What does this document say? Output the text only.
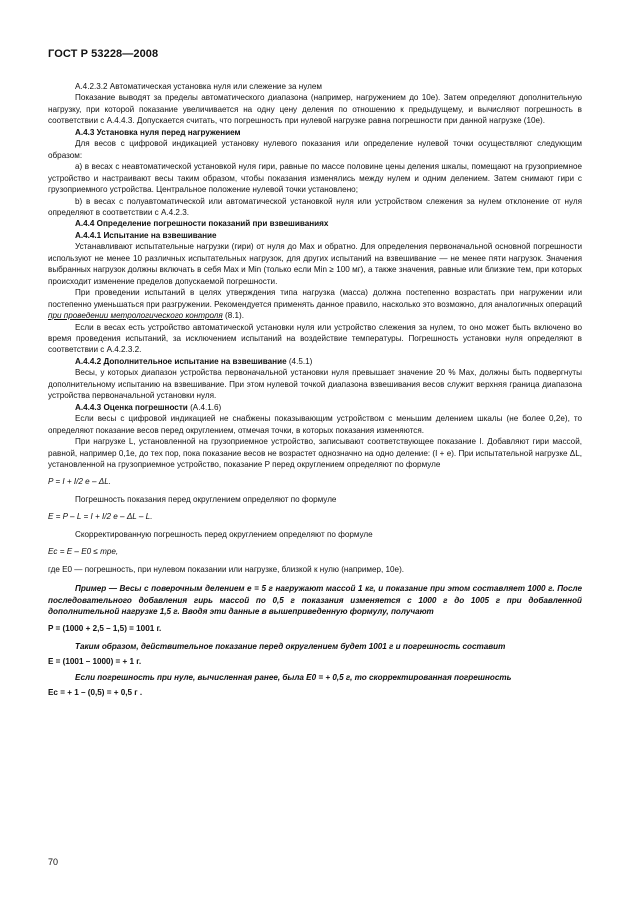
ГОСТ Р 53228—2008

А.4.2.3.2 Автоматическая установка нуля или слежение за нулем

Показание выводят за пределы автоматического диапазона (например, нагружением до 10e). Затем определяют дополнительную нагрузку, при которой показание увеличивается на одну цену деления по отношению к предыдущему, и вычисляют погрешность в соответствии с А.4.4.3. Допускается считать, что погрешность при нулевой нагрузке равна погрешности при данной нагрузке (10e).

А.4.3 Установка нуля перед нагружением

Для весов с цифровой индикацией установку нулевого показания или определение нулевой точки осуществляют следующим образом:

а) в весах с неавтоматической установкой нуля гири, равные по массе половине цены деления шкалы, помещают на грузоприемное устройство и настраивают весы таким образом, чтобы показания изменялись между нулем и одним делением. Затем снимают гири с грузоприемного устройства. Центральное положение нулевой точки установлено;

b) в весах с полуавтоматической или автоматической установкой нуля или устройством слежения за нулем отклонение от нуля определяют в соответствии с А.4.2.3.

А.4.4 Определение погрешности показаний при взвешиваниях

А.4.4.1 Испытание на взвешивание

Устанавливают испытательные нагрузки (гири) от нуля до Max и обратно. Для определения первоначальной основной погрешности используют не менее 10 различных испытательных нагрузок, для других испытаний на взвешивание — не менее пяти нагрузок. Значения выбранных нагрузок должны включать в себя Max и Min (только если Min ≥ 100 мг), а также значения, равные или близкие тем, при которых происходит изменение пределов допускаемой погрешности.

При проведении испытаний в целях утверждения типа нагрузка (масса) должна постепенно возрастать при нагружении или постепенно уменьшаться при разгружении. Рекомендуется применять данное правило, насколько это возможно, для аналогичных операций при проведении метрологического контроля (8.1).

Если в весах есть устройство автоматической установки нуля или устройство слежения за нулем, то оно может быть включено во время проведения испытаний, за исключением испытаний на воздействие температуры. Погрешность установки нуля определяют в соответствии с А.4.2.3.2.

А.4.4.2 Дополнительное испытание на взвешивание (4.5.1)

Весы, у которых диапазон устройства первоначальной установки нуля превышает значение 20 % Max, должны быть подвергнуты дополнительному испытанию на взвешивание. При этом нулевой точкой диапазона взвешивания весов служит верхняя граница диапазона устройства первоначальной установки нуля.

А.4.4.3 Оценка погрешности (А.4.1.6)

Если весы с цифровой индикацией не снабжены показывающим устройством с меньшим делением шкалы (не более 0,2e), то определяют показание весов перед округлением, отмечая точки, в которых показания изменяются.

При нагрузке L, установленной на грузоприемное устройство, записывают соответствующее показание I. Добавляют гири массой, равной, например 0,1e, до тех пор, пока показание весов не возрастет однозначно на одно деление: (I + e). При испытательной нагрузке ΔL, установленной на грузоприемное устройство, показание P перед округлением определяют по формуле

P = I + I/2 e – ΔL.

Погрешность показания перед округлением определяют по формуле

E = P – L = I + I/2 e – ΔL – L.

Скорректированную погрешность перед округлением определяют по формуле

Ec = E – E0 ≤ mpe,

где E0 — погрешность, при нулевом показании или нагрузке, близкой к нулю (например, 10e).

Пример — Весы с поверочным делением e = 5 г нагружают массой 1 кг, и показание при этом составляет 1000 г. После последовательного добавления гирь массой по 0,5 г показания изменяется с 1000 г до 1005 г при добавленной дополнительной нагрузке 1,5 г. Вводя эти данные в вышеприведенную формулу, получают

P = (1000 + 2,5 – 1,5) = 1001 г.

Таким образом, действительное показание перед округлением будет 1001 г и погрешность составит

E = (1001 – 1000) = + 1 г.

Если погрешность при нуле, вычисленная ранее, была E0 = + 0,5 г, то скорректированная погрешность

Ec = + 1 – (0,5) = + 0,5 г .

70
